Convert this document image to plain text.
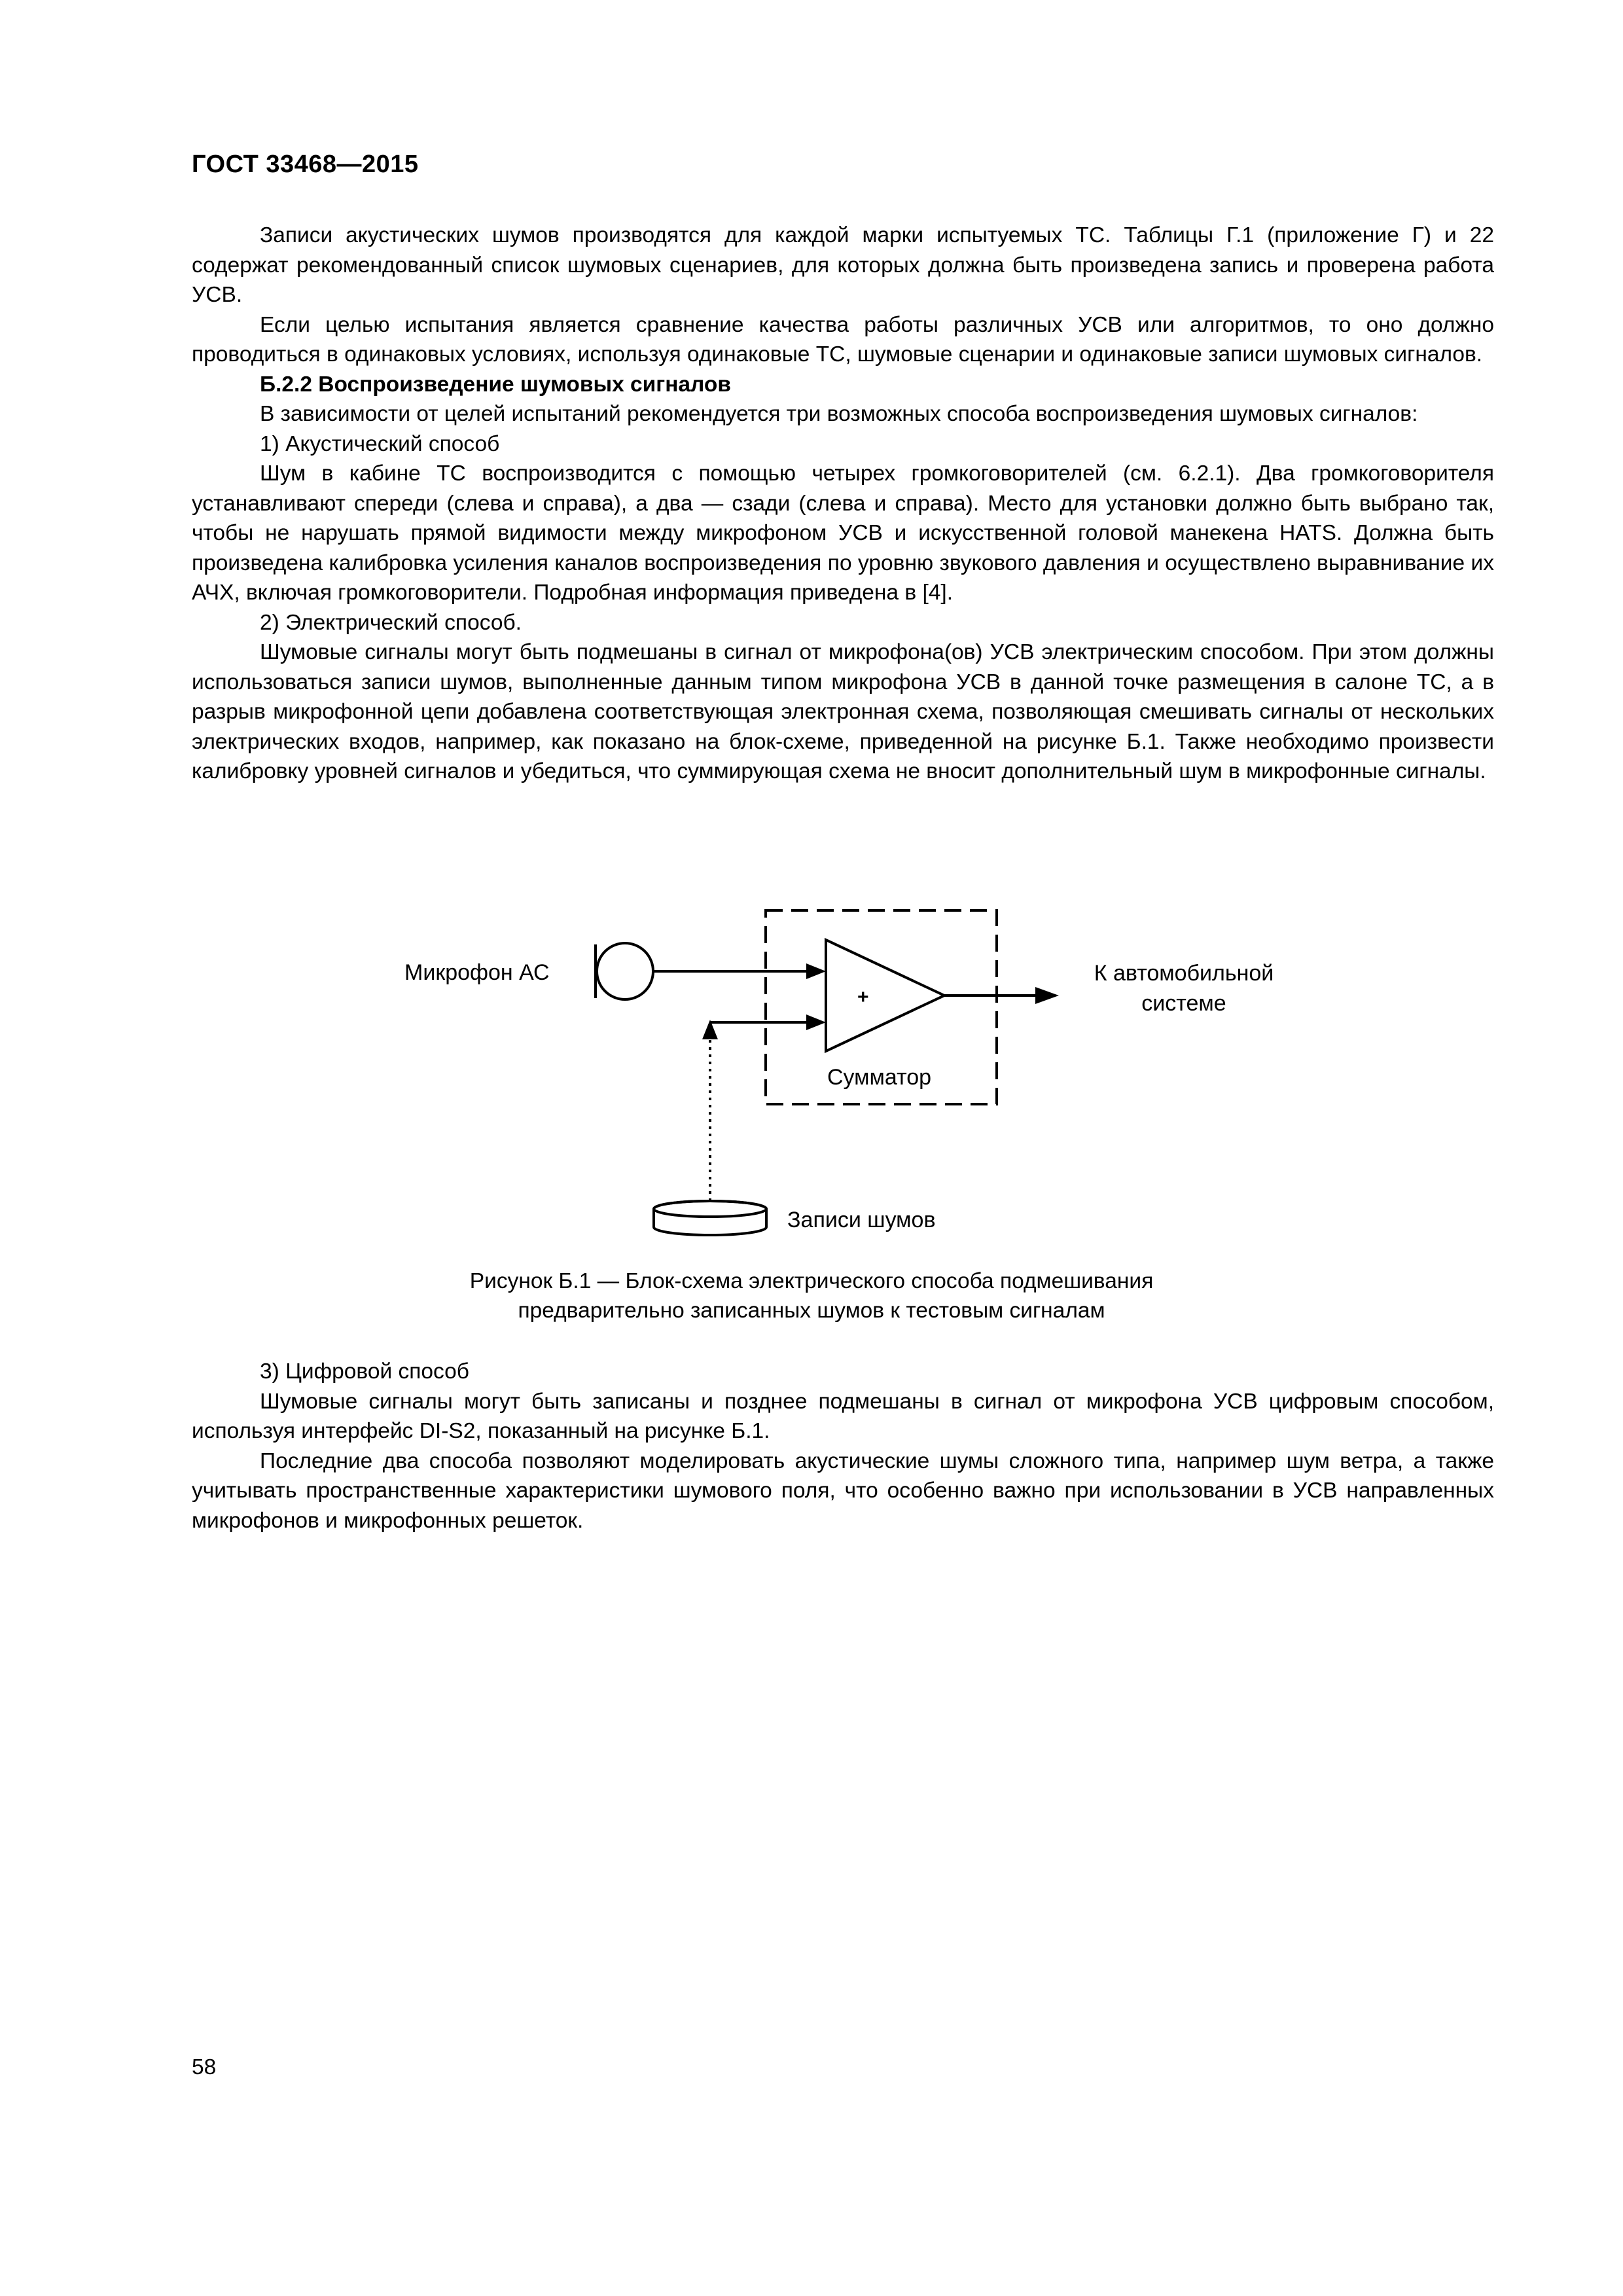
ГОСТ 33468—2015

Записи акустических шумов производятся для каждой марки испытуемых ТС. Таблицы Г.1 (приложение Г) и 22 содержат рекомендованный список шумовых сценариев, для которых должна быть произведена запись и проверена работа УСВ.

Если целью испытания является сравнение качества работы различных УСВ или алгоритмов, то оно должно проводиться в одинаковых условиях, используя одинаковые ТС, шумовые сценарии и одинаковые записи шумовых сигналов.

Б.2.2 Воспроизведение шумовых сигналов

В зависимости от целей испытаний рекомендуется три возможных способа воспроизведения шумовых сигналов:

1) Акустический способ

Шум в кабине ТС воспроизводится с помощью четырех громкоговорителей (см. 6.2.1). Два громкоговорителя устанавливают спереди (слева и справа), а два — сзади (слева и справа). Место для установки должно быть выбрано так, чтобы не нарушать прямой видимости между микрофоном УСВ и искусственной головой манекена HATS. Должна быть произведена калибровка усиления каналов воспроизведения по уровню звукового давления и осуществлено выравнивание их АЧХ, включая громкоговорители. Подробная информация приведена в [4].

2) Электрический способ.

Шумовые сигналы могут быть подмешаны в сигнал от микрофона(ов) УСВ электрическим способом. При этом должны использоваться записи шумов, выполненные данным типом микрофона УСВ в данной точке размещения в салоне ТС, а в разрыв микрофонной цепи добавлена соответствующая электронная схема, позволяющая смешивать сигналы от нескольких электрических входов, например, как показано на блок-схеме, приведенной на рисунке Б.1. Также необходимо произвести калибровку уровней сигналов и убедиться, что суммирующая схема не вносит дополнительный шум в микрофонные сигналы.

Микрофон АС
+
К автомобильной
системе
Сумматор
Записи шумов
Рисунок Б.1 — Блок-схема электрического способа подмешивания
предварительно записанных шумов к тестовым сигналам

3) Цифровой способ

Шумовые сигналы могут быть записаны и позднее подмешаны в сигнал от микрофона УСВ цифровым способом, используя интерфейс DI-S2, показанный на рисунке Б.1.

Последние два способа позволяют моделировать акустические шумы сложного типа, например шум ветра, а также учитывать пространственные характеристики шумового поля, что особенно важно при использовании в УСВ направленных микрофонов и микрофонных решеток.

58
